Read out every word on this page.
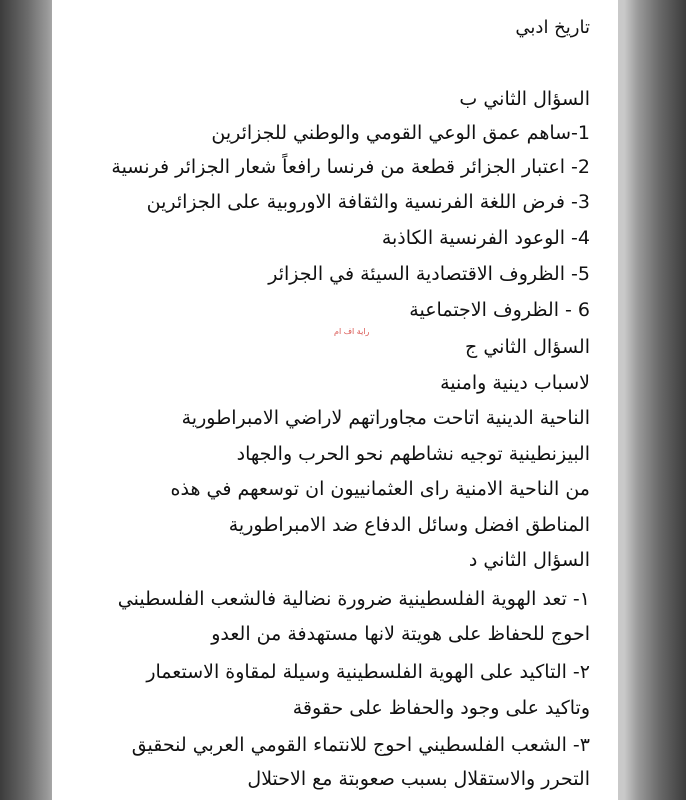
تاريخ ادبي
السؤال الثاني ب
1-ساهم عمق الوعي القومي والوطني للجزائرين
2- اعتبار الجزائر قطعة من فرنسا رافعاً شعار الجزائر فرنسية
3- فرض اللغة الفرنسية والثقافة الاوروبية على الجزائرين
4- الوعود الفرنسية الكاذبة
5- الظروف الاقتصادية السيئة في الجزائر
6 - الظروف الاجتماعية
راية اف ام
السؤال الثاني ج
لاسباب دينية وامنية
الناحية الدينية اتاحت مجاوراتهم لاراضي الامبراطورية
البيزنطينية توجيه نشاطهم نحو الحرب والجهاد
من الناحية الامنية راى العثمانييون ان توسعهم في هذه
المناطق افضل وسائل الدفاع ضد الامبراطورية
السؤال الثاني د
١- تعد الهوية الفلسطينية ضرورة نضالية فالشعب الفلسطيني
احوج للحفاظ على هويتة لانها مستهدفة من العدو
٢- التاكيد على الهوية الفلسطينية وسيلة لمقاوة الاستعمار
وتاكيد على وجود والحفاظ على حقوقة
٣- الشعب الفلسطيني احوج للانتماء القومي العربي لنحقيق
التحرر والاستقلال بسبب صعوبتة مع الاحتلال
